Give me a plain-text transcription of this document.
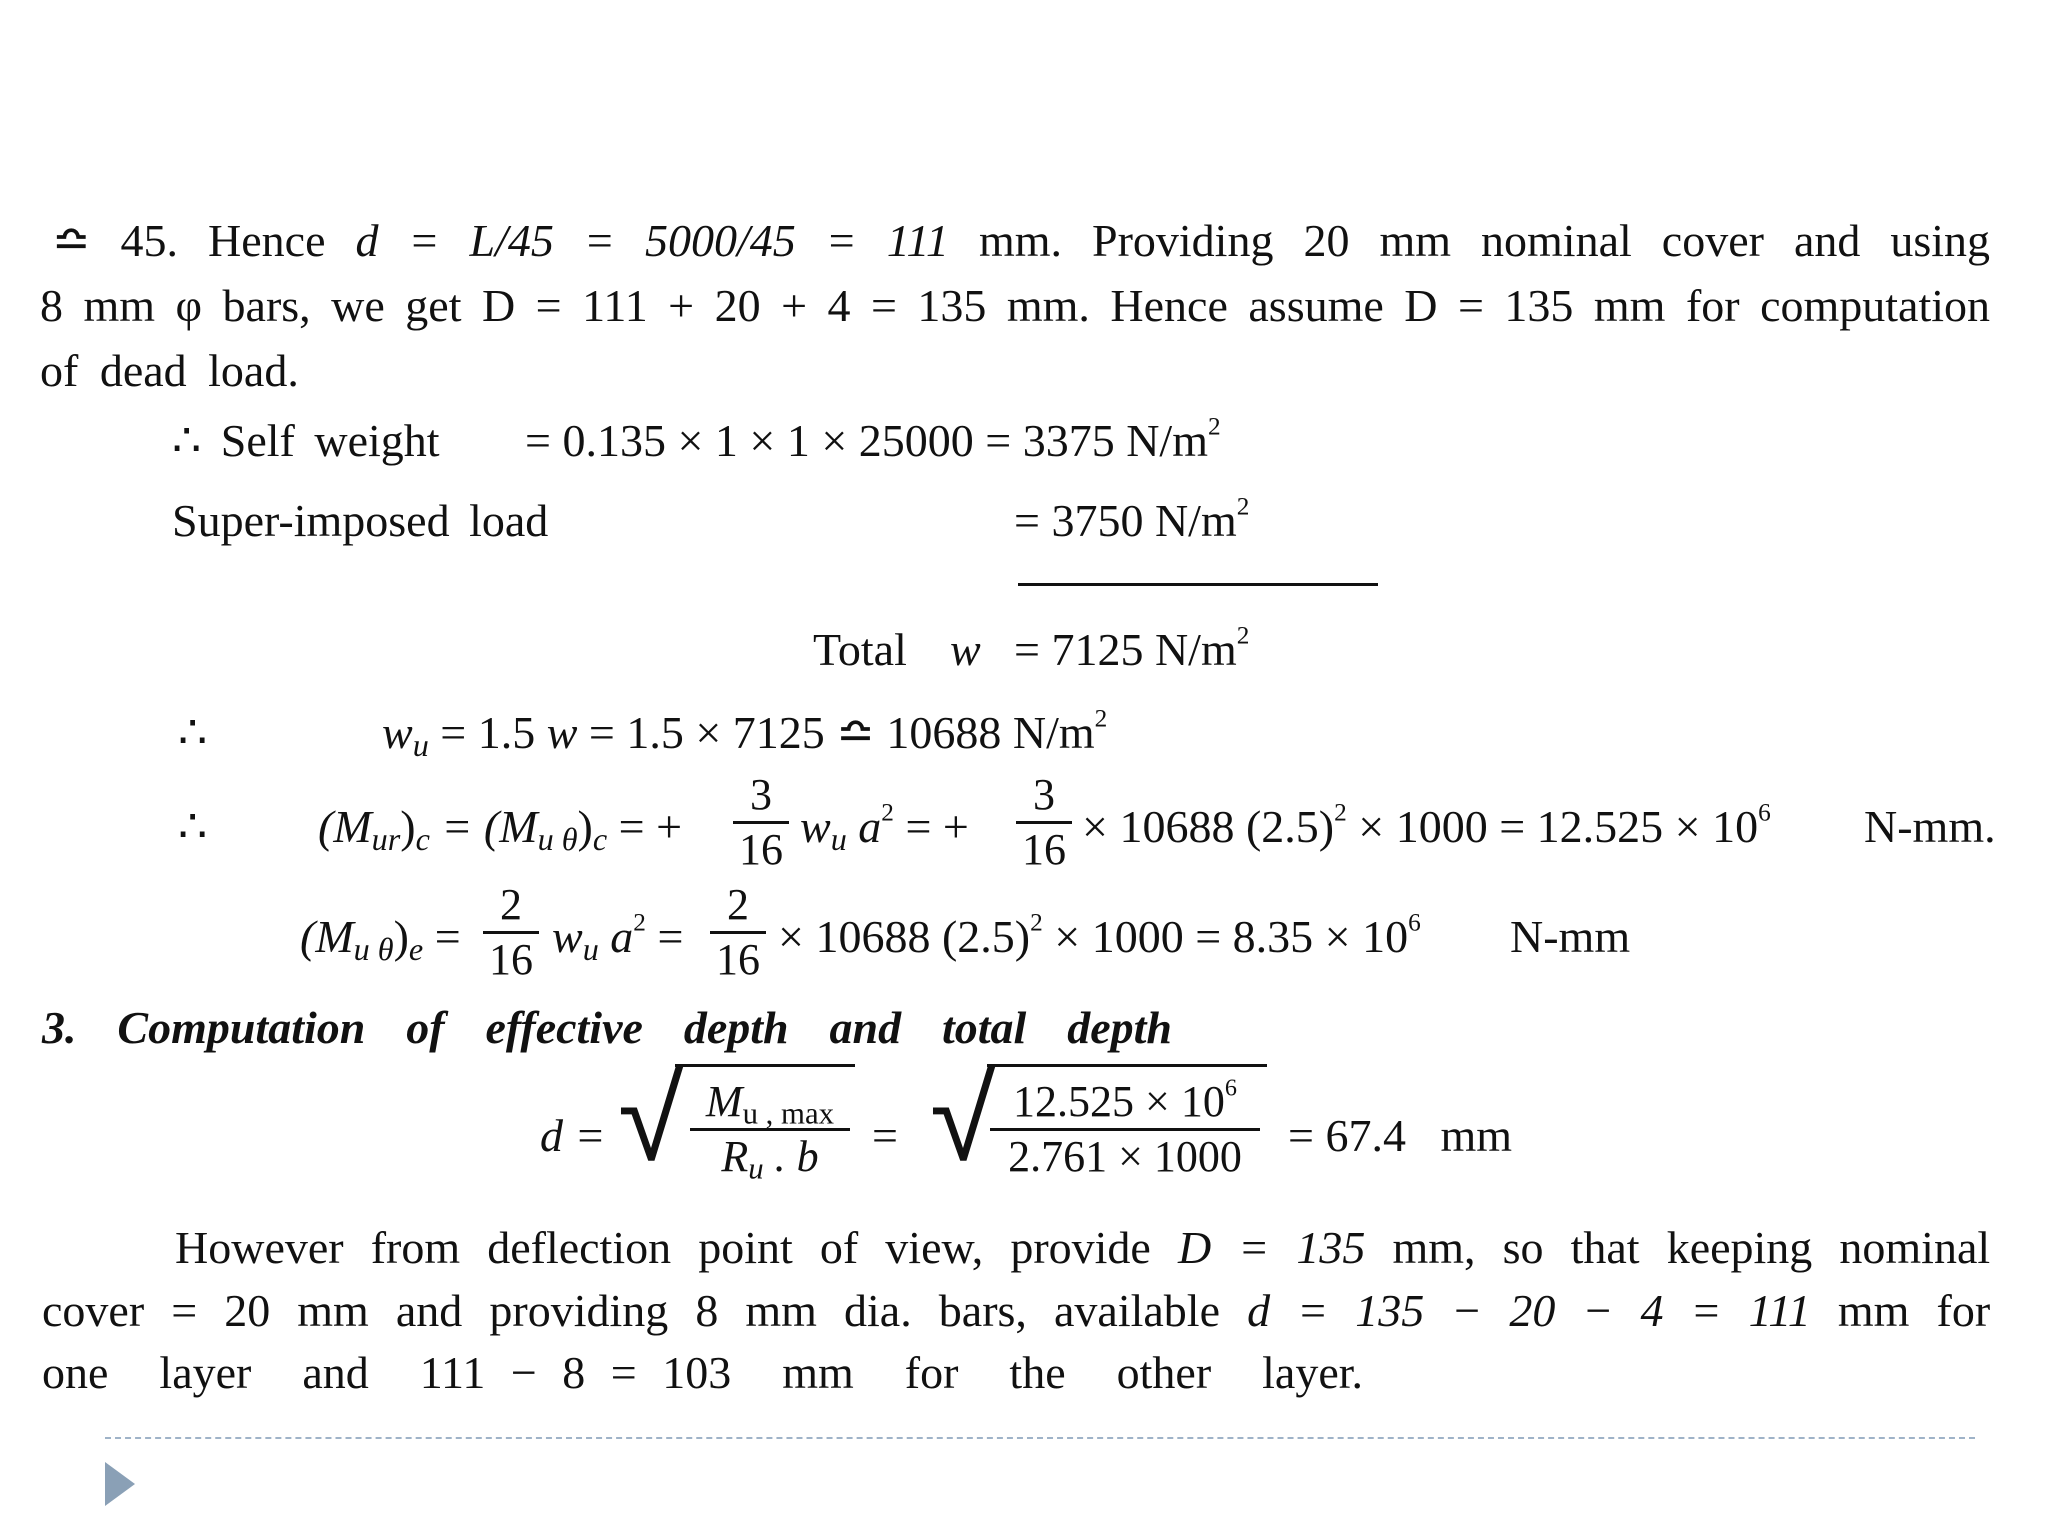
≏ 45. Hence d = L/45 = 5000/45 = 111 mm. Providing 20 mm nominal cover and using
8 mm φ bars, we get D = 111 + 20 + 4 = 135 mm. Hence assume D = 135 mm for computation
of dead load.
∴ Self weight = 0.135 × 1 × 1 × 25000 = 3375 $N/m^2$
Super-imposed load	= 3750 $N/m^2$
Total w = 7125 $N/m^2$
∴	$w_u = 1.5$ w = 1.5 × 7125 ≏ 10688 $N/m^2$
∴ $(M_{ur})_c = (M_{u \theta})_c$ = + $\frac{3}{16} w_u$ $a^2$ = + $\frac{3}{16} \times 10688$ $(2.5)^2 \times 1000 = 12.525 \times 10^6$ N-mm.
$(M_{u \theta})_e = \frac{2}{16} w_u$ $a^2 = \frac{2}{16} \times 10688$ $(2.5)^2 \times 1000 = 8.35 \times 10^6$ N-mm
3. Computation of effective depth and total depth
d = √ $M_{u , max}$
$R_u$ . b	= √
$\frac{12.525 \times 10^6}{2.761 \times 1000} = 67.4$   mm
However from deflection point of view, provide D = 135 mm, so that keeping nominal
cover = 20 mm and providing 8 mm dia. bars, available d = 135 − 20 − 4 = 111 mm for
one  layer  and  111 − 8 = 103  mm  for  the  other  layer.
